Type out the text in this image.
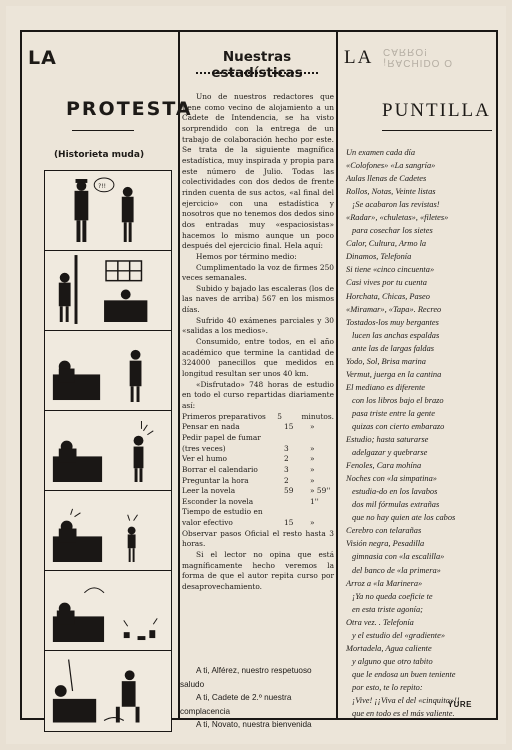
LA
PROTESTA
(Historieta muda)
?!!
Nuestras estadísticas

Uno de nuestros redactores que tiene como vecino de alojamiento a un Cadete de Intendencia, se ha visto sorprendido con la entrega de un trabajo de colaboración hecho por este. Se trata de la siguiente magnífica estadística, muy inspirada y propia para este número de Julio. Todas las colectividades con dos dedos de frente rinden cuenta de sus actos, «al final del ejercicio» con una estadística y nosotros que no tenemos dos dedos sino dos entradas muy «espaciosistas» hacemos lo mismo aunque un poco después del ejercicio final. Hela aquí:

Hemos por término medio:

Cumplimentado la voz de firmes 250 veces semanales.

Subido y bajado las escaleras (los de las naves de arriba) 567 en los mismos días.

Sufrido 40 exámenes parciales y 30 «salidas a los medios».

Consumido, entre todos, en el año académico que termine la cantidad de 324000 panecillos que medidos en longitud resultan ser unos 40 km.

«Disfrutado» 748 horas de estudio en todo el curso repartidas diariamente así:

Primeros preparativos	5	minutos.
Pensar en nada	15	»
Pedir papel de fumar
(tres veces)	3	»
Ver el humo	2	»
Borrar el calendario	3	»
Preguntar la hora	2	»
Leer la novela	59	» 59''
Esconder la novela	1''
Tiempo de estudio en
valor efectivo	15	»

Observar pasos Oficial el resto hasta 3 horas.

Si el lector no opina que está magníficamente hecho veremos la forma de que el autor repita curso por desaprovechamiento.

A ti, Alférez, nuestro respetuoso saludo

A ti, Cadete de 2.º nuestra complacencia

A ti, Novato, nuestra bienvenida

¡RACHIDO O CARRO!
LA
PUNTILLA
Un examen cada día
«Colofones» «La sangría»
Aulas llenas de Cadetes
Rollos, Notas, Veinte listas
¡Se acabaron las revistas!
«Radar», «chuletas», «filetes»
para cosechar los sietes
Calor, Cultura, Armo la
Dinamos, Telefonía
Si tiene «cinco cincuenta»
Casi vives por tu cuenta
Horchata, Chicas, Paseo
«Miramar», «Tapa». Recreo
Tostados-los muy bergantes
lucen las anchas espaldas
ante las de largas faldas
Yodo, Sol, Brisa marina
Vermut, juerga en la cantina
El mediano es diferente
con los libros bajo el brazo
pasa triste entre la gente
quizas con cierto embarazo
Estudio; hasta saturarse
adelgazar y quebrarse
Fenoles, Cara mohína
Noches con «la simpatina»
estudia-do en los lavabos
dos mil fórmulas extrañas
que no hay quien ate los cabos
Cerebro con telarañas
Visión negra, Pesadilla
gimnasia con «la escalilla»
del banco de «la primera»
Arroz a «la Marinera»
¡Ya no queda coeficie te
en esta triste agonía;
Otra vez. . Telefonía
y el estudio del «gradiente»
Mortadela, Agua caliente
y alguno que otro tabito
que le endosa un buen teniente
por esto, te lo repito:
¡Vive! ¡¡Viva el del «cinquito»!!
que en todo es el más valiente.
YURE
